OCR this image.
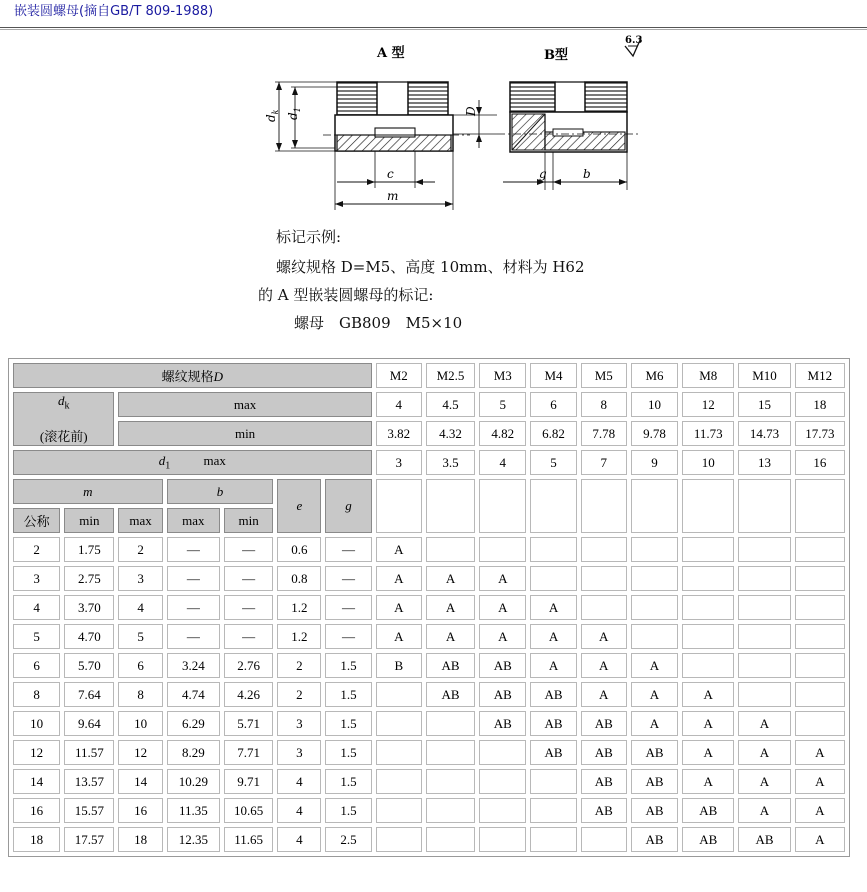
嵌装圆螺母(摘自GB/T 809-1988)
A 型	B型
6.3
$d_k$
$d_1$
c
m
D
g	b
标记示例:
螺纹规格 D=M5、高度 10mm、材料为 H62
的 A 型嵌装圆螺母的标记:
螺母　GB809　M5×10
螺纹规格D							M2	M2.5	M3	M4	M5	M6	M8	M10	M12

$d_k$
(滚花前)		max					4	4.5	5	6	8	10	12	15	18
		min					3.82	4.32	4.82	6.82	7.78	9.78	11.73	14.73	17.73
$d_1$ max							3	3.5	4	5	7	9	10	13	16
m			b		e	g									
公称	min	max	max	min											
2	1.75	2	—	—	0.6	—	A								
3	2.75	3	—	—	0.8	—	A	A	A						
4	3.70	4	—	—	1.2	—	A	A	A	A					
5	4.70	5	—	—	1.2	—	A	A	A	A	A				
6	5.70	6	3.24	2.76	2	1.5	B	AB	AB	A	A	A			
8	7.64	8	4.74	4.26	2	1.5		AB	AB	AB	A	A	A		
10	9.64	10	6.29	5.71	3	1.5			AB	AB	AB	A	A	A	
12	11.57	12	8.29	7.71	3	1.5				AB	AB	AB	A	A	A
14	13.57	14	10.29	9.71	4	1.5					AB	AB	A	A	A
16	15.57	16	11.35	10.65	4	1.5					AB	AB	AB	A	A
18	17.57	18	12.35	11.65	4	2.5						AB	AB	AB	A
